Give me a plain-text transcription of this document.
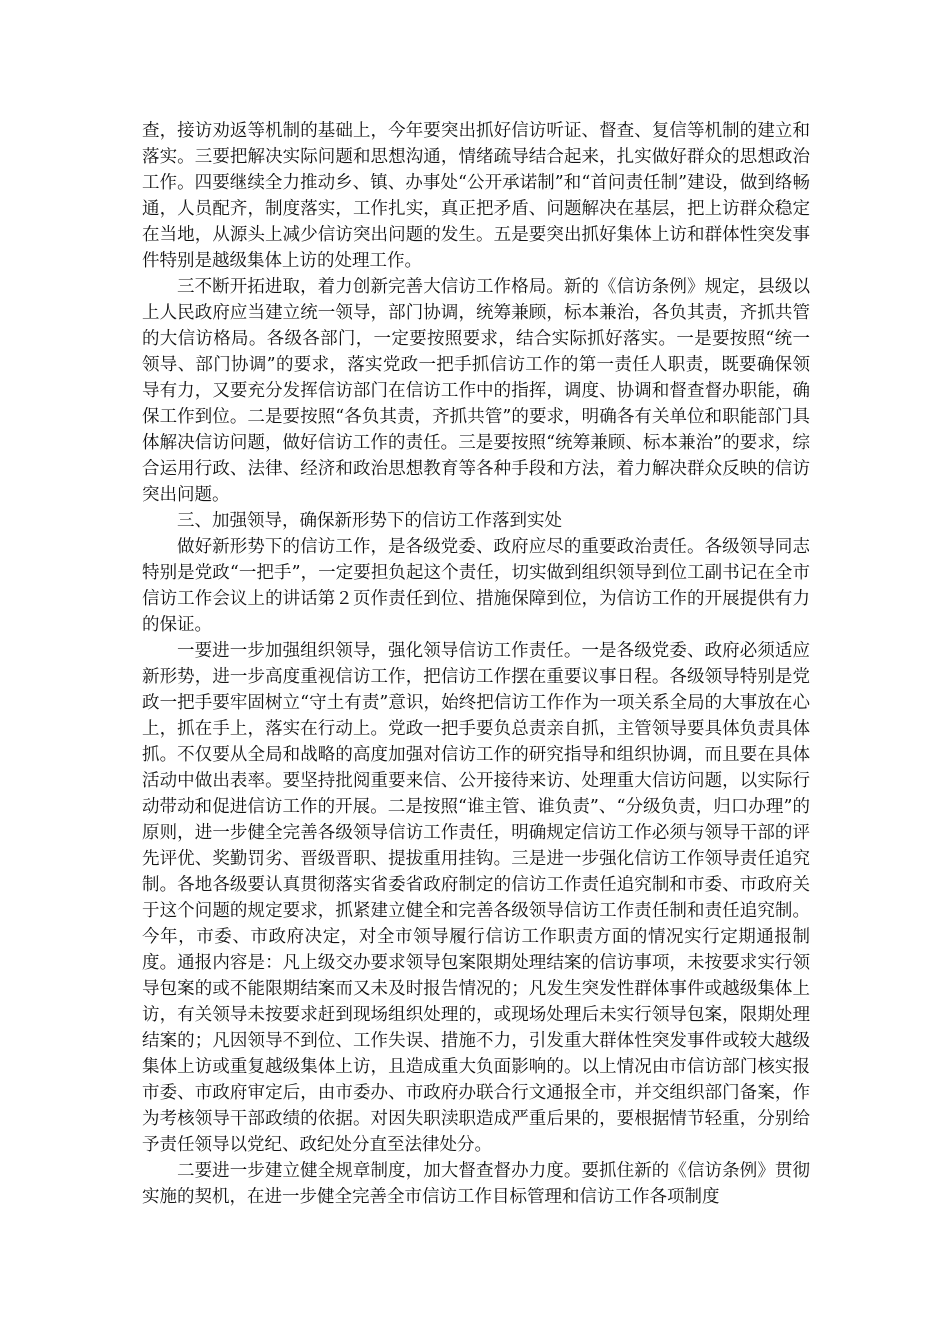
查，接访劝返等机制的基础上，今年要突出抓好信访听证、督查、复信等机制的建立和落实。三要把解决实际问题和思想沟通，情绪疏导结合起来，扎实做好群众的思想政治工作。四要继续全力推动乡、镇、办事处“公开承诺制”和“首问责任制”建设，做到络畅通，人员配齐，制度落实，工作扎实，真正把矛盾、问题解决在基层，把上访群众稳定在当地，从源头上减少信访突出问题的发生。五是要突出抓好集体上访和群体性突发事件特别是越级集体上访的处理工作。

三不断开拓进取，着力创新完善大信访工作格局。新的《信访条例》规定，县级以上人民政府应当建立统一领导，部门协调，统筹兼顾，标本兼治，各负其责，齐抓共管的大信访格局。各级各部门，一定要按照要求，结合实际抓好落实。一是要按照“统一领导、部门协调”的要求，落实党政一把手抓信访工作的第一责任人职责，既要确保领导有力，又要充分发挥信访部门在信访工作中的指挥，调度、协调和督查督办职能，确保工作到位。二是要按照“各负其责，齐抓共管”的要求，明确各有关单位和职能部门具体解决信访问题，做好信访工作的责任。三是要按照“统筹兼顾、标本兼治”的要求，综合运用行政、法律、经济和政治思想教育等各种手段和方法，着力解决群众反映的信访突出问题。

三、加强领导，确保新形势下的信访工作落到实处

做好新形势下的信访工作，是各级党委、政府应尽的重要政治责任。各级领导同志特别是党政“一把手”，一定要担负起这个责任，切实做到组织领导到位工副书记在全市信访工作会议上的讲话第２页作责任到位、措施保障到位，为信访工作的开展提供有力的保证。

一要进一步加强组织领导，强化领导信访工作责任。一是各级党委、政府必须适应新形势，进一步高度重视信访工作，把信访工作摆在重要议事日程。各级领导特别是党政一把手要牢固树立“守土有责”意识，始终把信访工作作为一项关系全局的大事放在心上，抓在手上，落实在行动上。党政一把手要负总责亲自抓，主管领导要具体负责具体抓。不仅要从全局和战略的高度加强对信访工作的研究指导和组织协调，而且要在具体活动中做出表率。要坚持批阅重要来信、公开接待来访、处理重大信访问题，以实际行动带动和促进信访工作的开展。二是按照“谁主管、谁负责”、“分级负责，归口办理”的原则，进一步健全完善各级领导信访工作责任，明确规定信访工作必须与领导干部的评先评优、奖勤罚劣、晋级晋职、提拔重用挂钩。三是进一步强化信访工作领导责任追究制。各地各级要认真贯彻落实省委省政府制定的信访工作责任追究制和市委、市政府关于这个问题的规定要求，抓紧建立健全和完善各级领导信访工作责任制和责任追究制。今年，市委、市政府决定，对全市领导履行信访工作职责方面的情况实行定期通报制度。通报内容是：凡上级交办要求领导包案限期处理结案的信访事项，未按要求实行领导包案的或不能限期结案而又未及时报告情况的；凡发生突发性群体事件或越级集体上访，有关领导未按要求赶到现场组织处理的，或现场处理后未实行领导包案，限期处理结案的；凡因领导不到位、工作失误、措施不力，引发重大群体性突发事件或较大越级集体上访或重复越级集体上访，且造成重大负面影响的。以上情况由市信访部门核实报市委、市政府审定后，由市委办、市政府办联合行文通报全市，并交组织部门备案，作为考核领导干部政绩的依据。对因失职渎职造成严重后果的，要根据情节轻重，分别给予责任领导以党纪、政纪处分直至法律处分。

二要进一步建立健全规章制度，加大督查督办力度。要抓住新的《信访条例》贯彻实施的契机，在进一步健全完善全市信访工作目标管理和信访工作各项制度
